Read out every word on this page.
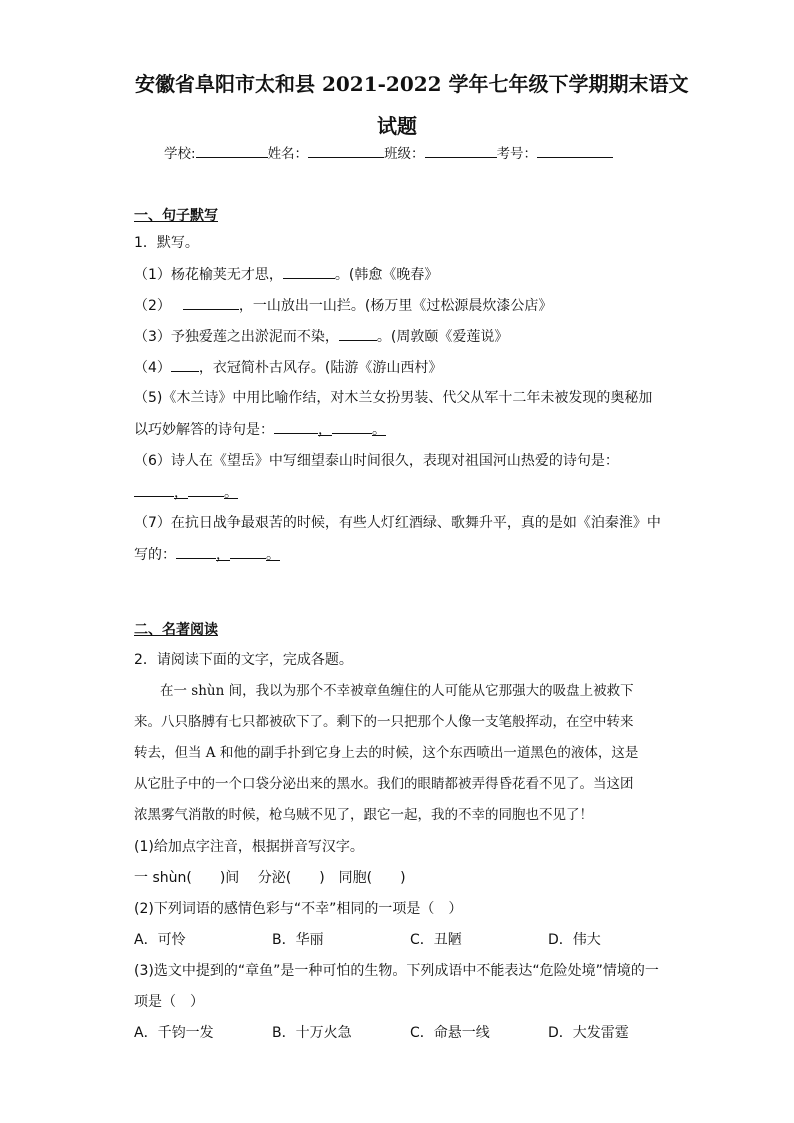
安徽省阜阳市太和县 2021-2022 学年七年级下学期期末语文
试题
学校:	姓名：	班级：	考号：
一、句子默写
1．默写。
（1）杨花榆荚无才思，	。(韩愈《晚春》
（2）	，一山放出一山拦。(杨万里《过松源晨炊漆公店》
（3）予独爱莲之出淤泥而不染，	。(周敦颐《爱莲说》
（4） ，衣冠简朴古风存。(陆游《游山西村》
（5)《木兰诗》中用比喻作结，对木兰女扮男装、代父从军十二年未被发现的奥秘加
以巧妙解答的诗句是：	，	。
（6）诗人在《望岳》中写细望泰山时间很久，表现对祖国河山热爱的诗句是：
，	。
（7）在抗日战争最艰苦的时候，有些人灯红酒绿、歌舞升平，真的是如《泊秦淮》中
写的：	，	。
二、名著阅读
2．请阅读下面的文字，完成各题。
在一 shùn 间，我以为那个不幸被章鱼缠住的人可能从它那强大的吸盘上被救下
来。八只胳膊有七只都被砍下了。剩下的一只把那个人像一支笔般挥动，在空中转来
转去，但当 A 和他的副手扑到它身上去的时候，这个东西喷出一道黑色的液体，这是
从它肚子中的一个口袋分泌出来的黑水。我们的眼睛都被弄得昏花看不见了。当这团
浓黑雾气消散的时候，枪乌贼不见了，跟它一起，我的不幸的同胞也不见了！
(1)给加点字注音，根据拼音写汉字。
一 shùn(　　)间　 分泌(　　)　同胞(　　)
(2)下列词语的感情色彩与“不幸”相同的一项是（　）
A．可怜	B．华丽	C．丑陋	D．伟大
(3)选文中提到的“章鱼”是一种可怕的生物。下列成语中不能表达“危险处境”情境的一
项是（　）
A．千钧一发	B．十万火急	C．命悬一线	D．大发雷霆
